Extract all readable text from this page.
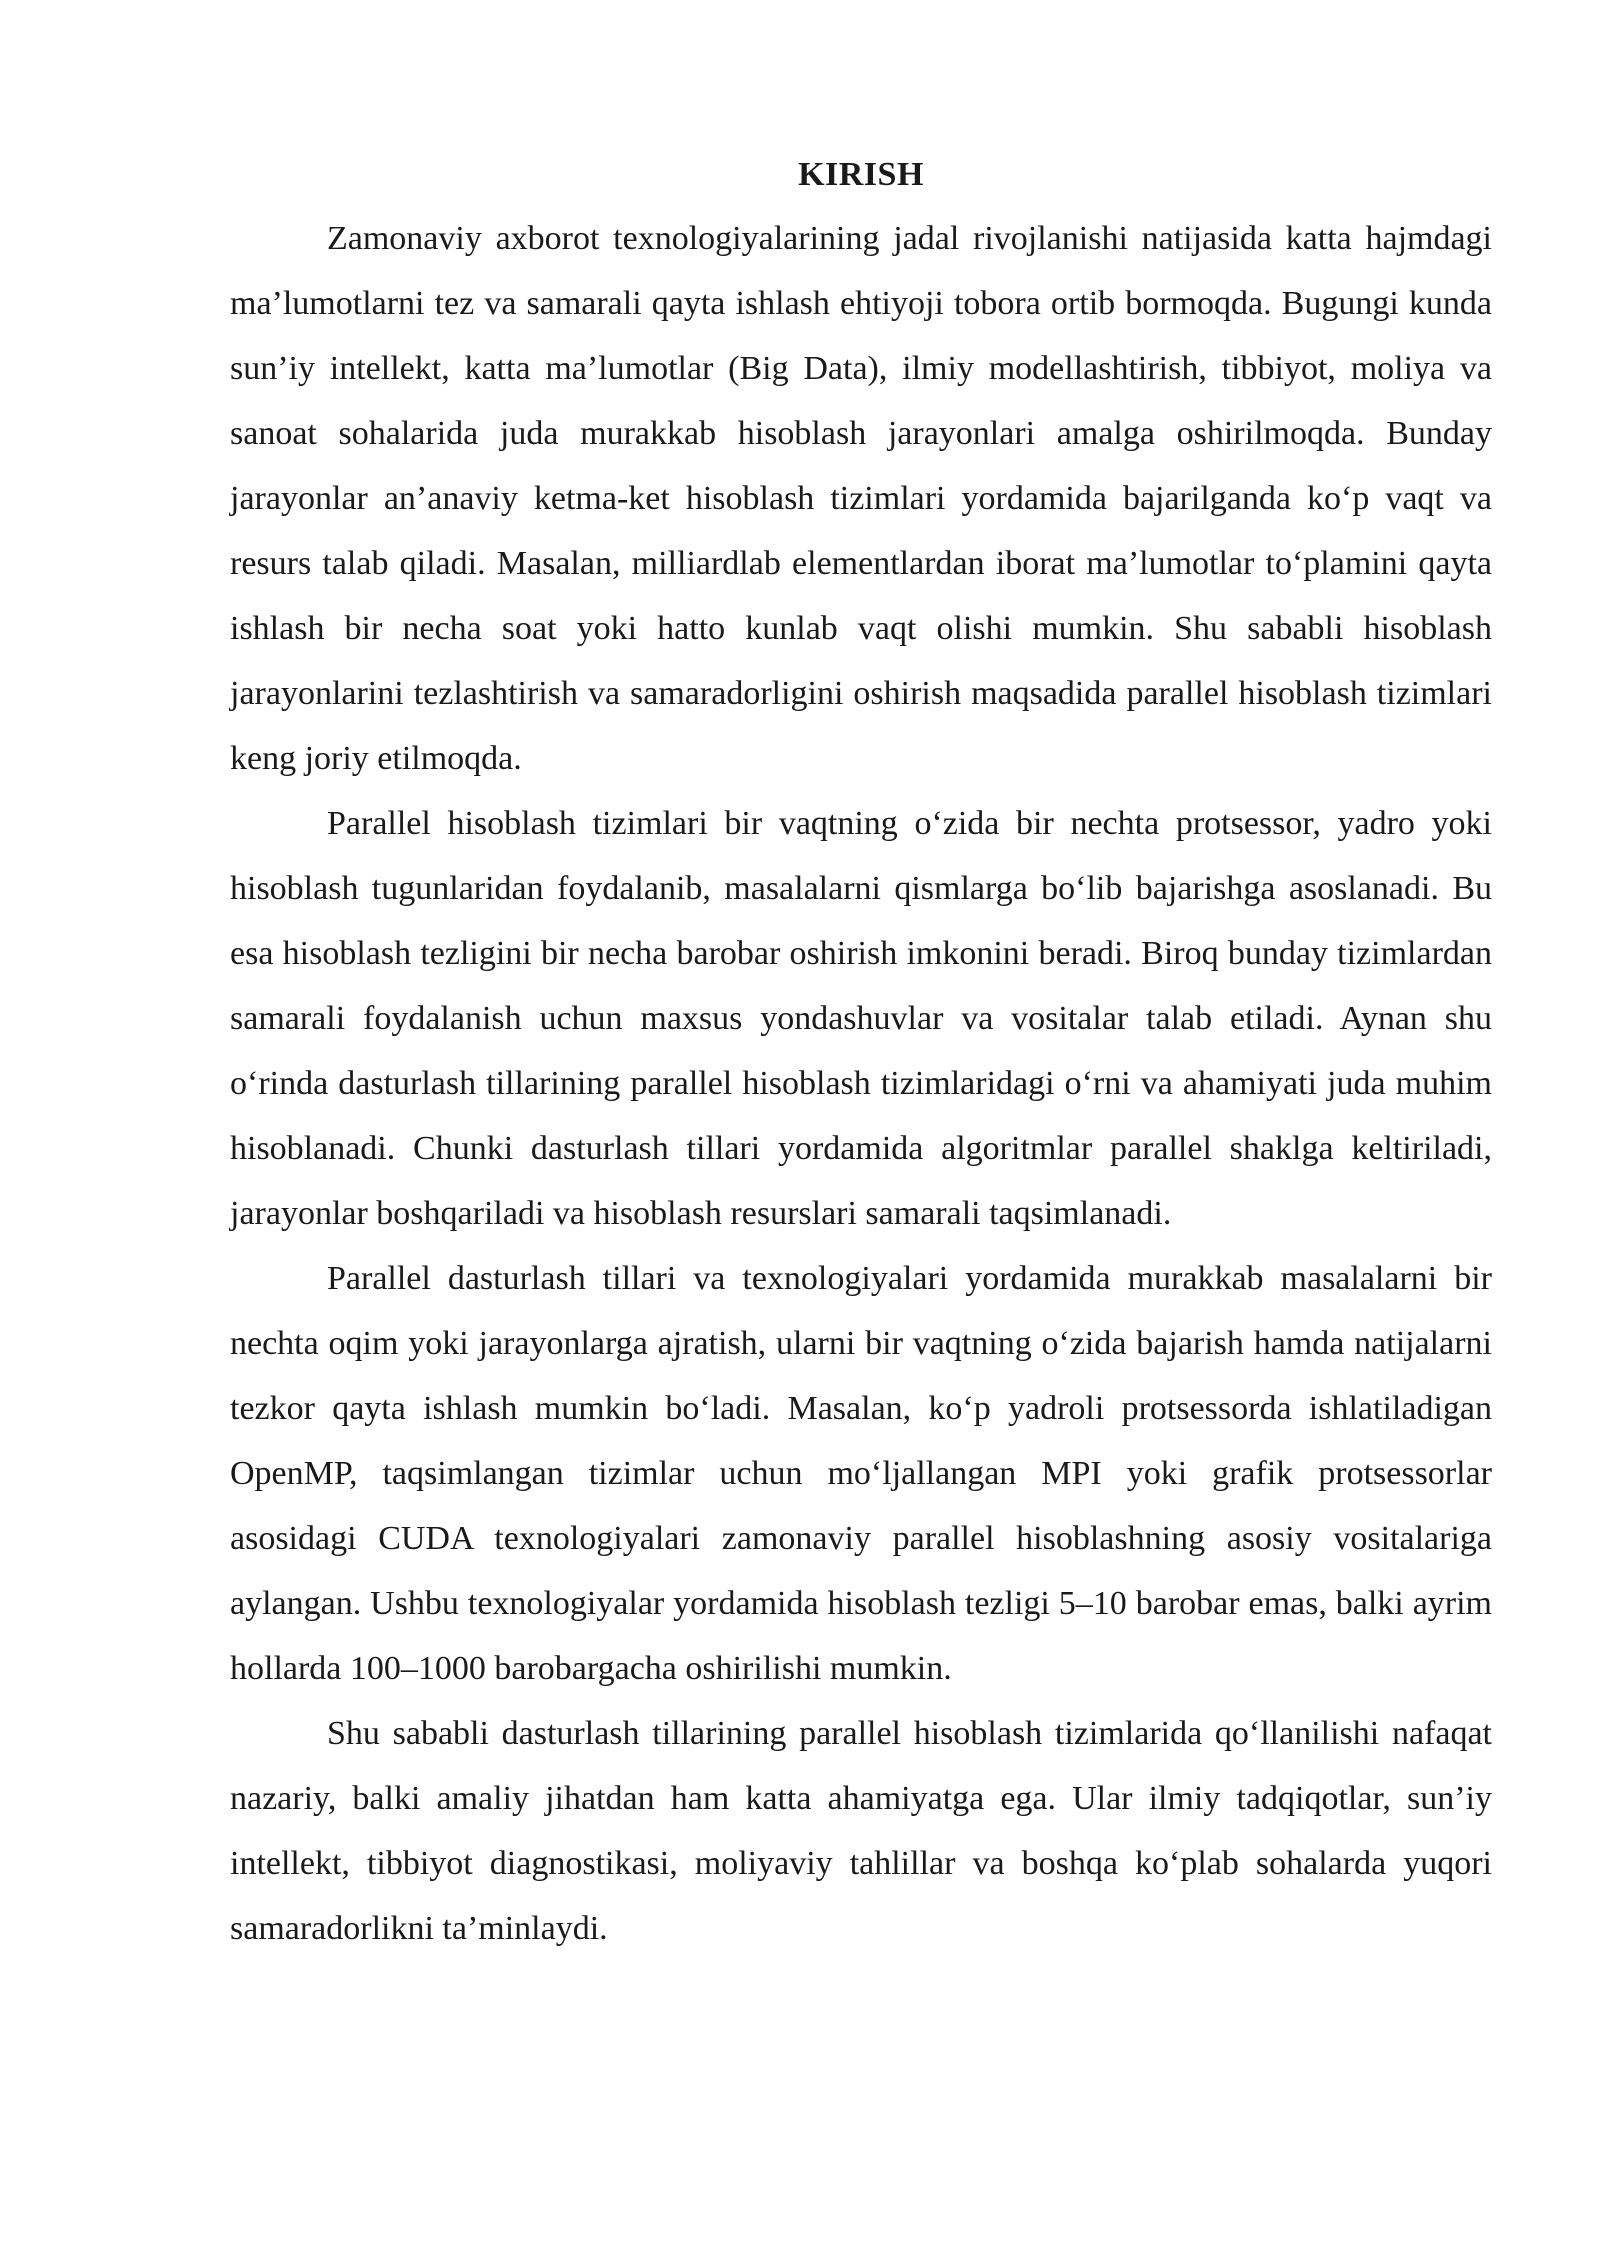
KIRISH

Zamonaviy axborot texnologiyalarining jadal rivojlanishi natijasida katta hajmdagi ma’lumotlarni tez va samarali qayta ishlash ehtiyoji tobora ortib bormoqda. Bugungi kunda sun’iy intellekt, katta ma’lumotlar (Big Data), ilmiy modellashtirish, tibbiyot, moliya va sanoat sohalarida juda murakkab hisoblash jarayonlari amalga oshirilmoqda. Bunday jarayonlar an’anaviy ketma-ket hisoblash tizimlari yordamida bajarilganda ko‘p vaqt va resurs talab qiladi. Masalan, milliardlab elementlardan iborat ma’lumotlar to‘plamini qayta ishlash bir necha soat yoki hatto kunlab vaqt olishi mumkin. Shu sababli hisoblash jarayonlarini tezlashtirish va samaradorligini oshirish maqsadida parallel hisoblash tizimlari keng joriy etilmoqda.

Parallel hisoblash tizimlari bir vaqtning o‘zida bir nechta protsessor, yadro yoki hisoblash tugunlaridan foydalanib, masalalarni qismlarga bo‘lib bajarishga asoslanadi. Bu esa hisoblash tezligini bir necha barobar oshirish imkonini beradi. Biroq bunday tizimlardan samarali foydalanish uchun maxsus yondashuvlar va vositalar talab etiladi. Aynan shu o‘rinda dasturlash tillarining parallel hisoblash tizimlaridagi o‘rni va ahamiyati juda muhim hisoblanadi. Chunki dasturlash tillari yordamida algoritmlar parallel shaklga keltiriladi, jarayonlar boshqariladi va hisoblash resurslari samarali taqsimlanadi.

Parallel dasturlash tillari va texnologiyalari yordamida murakkab masalalarni bir nechta oqim yoki jarayonlarga ajratish, ularni bir vaqtning o‘zida bajarish hamda natijalarni tezkor qayta ishlash mumkin bo‘ladi. Masalan, ko‘p yadroli protsessorda ishlatiladigan OpenMP, taqsimlangan tizimlar uchun mo‘ljallangan MPI yoki grafik protsessorlar asosidagi CUDA texnologiyalari zamonaviy parallel hisoblashning asosiy vositalariga aylangan. Ushbu texnologiyalar yordamida hisoblash tezligi 5–10 barobar emas, balki ayrim hollarda 100–1000 barobargacha oshirilishi mumkin.

Shu sababli dasturlash tillarining parallel hisoblash tizimlarida qo‘llanilishi nafaqat nazariy, balki amaliy jihatdan ham katta ahamiyatga ega. Ular ilmiy tadqiqotlar, sun’iy intellekt, tibbiyot diagnostikasi, moliyaviy tahlillar va boshqa ko‘plab sohalarda yuqori samaradorlikni ta’minlaydi.
